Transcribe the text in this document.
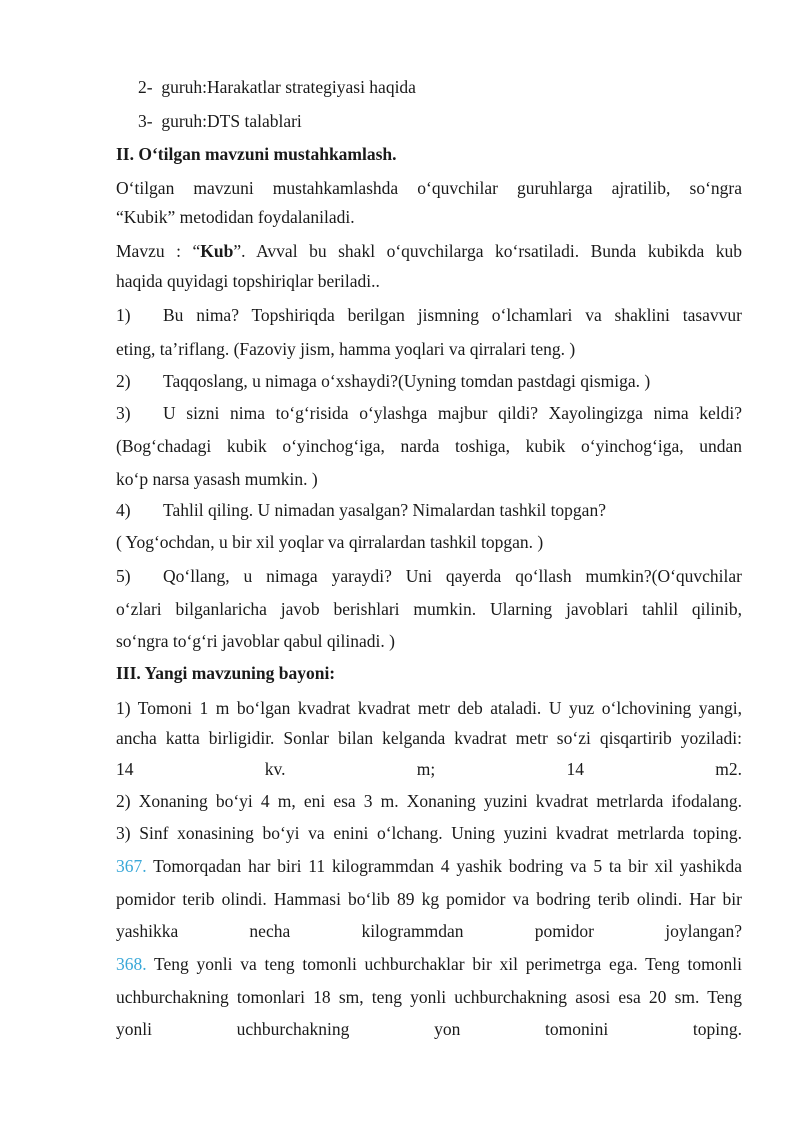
2- guruh:Harakatlar strategiyasi haqida
3- guruh:DTS talablari
II. O‘tilgan mavzuni mustahkamlash.
O‘tilgan mavzuni mustahkamlashda o‘quvchilar guruhlarga ajratilib, so‘ngra
“Kubik” metodidan foydalaniladi.
Mavzu : “Kub”. Avval bu shakl o‘quvchilarga ko‘rsatiladi. Bunda kubikda kub
haqida quyidagi topshiriqlar beriladi..
1)	Bu nima? Topshiriqda berilgan jismning o‘lchamlari va shaklini tasavvur
eting, ta’riflang. (Fazoviy jism, hamma yoqlari va qirralari teng. )
2) Taqqoslang, u nimaga o‘xshaydi?(Uyning tomdan pastdagi qismiga. )
3)	U sizni nima to‘g‘risida o‘ylashga majbur qildi? Xayolingizga nima keldi?
(Bog‘chadagi kubik o‘yinchog‘iga, narda toshiga, kubik o‘yinchog‘iga, undan
ko‘p narsa yasash mumkin. )
4) Tahlil qiling. U nimadan yasalgan? Nimalardan tashkil topgan?
( Yog‘ochdan, u bir xil yoqlar va qirralardan tashkil topgan. )
5)	Qo‘llang, u nimaga yaraydi? Uni qayerda qo‘llash mumkin?(O‘quvchilar
o‘zlari bilganlaricha javob berishlari mumkin. Ularning javoblari tahlil qilinib,
so‘ngra to‘g‘ri javoblar qabul qilinadi. )
III. Yangi mavzuning bayoni:
1) Tomoni 1 m bo‘lgan kvadrat kvadrat metr deb ataladi. U yuz o‘lchovining yangi,
ancha katta birligidir. Sonlar bilan kelganda kvadrat metr so‘zi qisqartirib yoziladi:
14	kv.	m;	14	m2.
2) Xonaning bo‘yi 4 m, eni esa 3 m. Xonaning yuzini kvadrat metrlarda ifodalang.
3) Sinf xonasining bo‘yi va enini o‘lchang. Uning yuzini kvadrat metrlarda toping.
367. Tomorqadan har biri 11 kilogrammdan 4 yashik bodring va 5 ta bir xil yashikda
pomidor terib olindi. Hammasi bo‘lib 89 kg pomidor va bodring terib olindi. Har bir
yashikka	necha	kilogrammdan	pomidor	joylangan?
368. Teng yonli va teng tomonli uchburchaklar bir xil perimetrga ega. Teng tomonli
uchburchakning tomonlari 18 sm, teng yonli uchburchakning asosi esa 20 sm. Teng
yonli	uchburchakning	yon	tomonini	toping.
